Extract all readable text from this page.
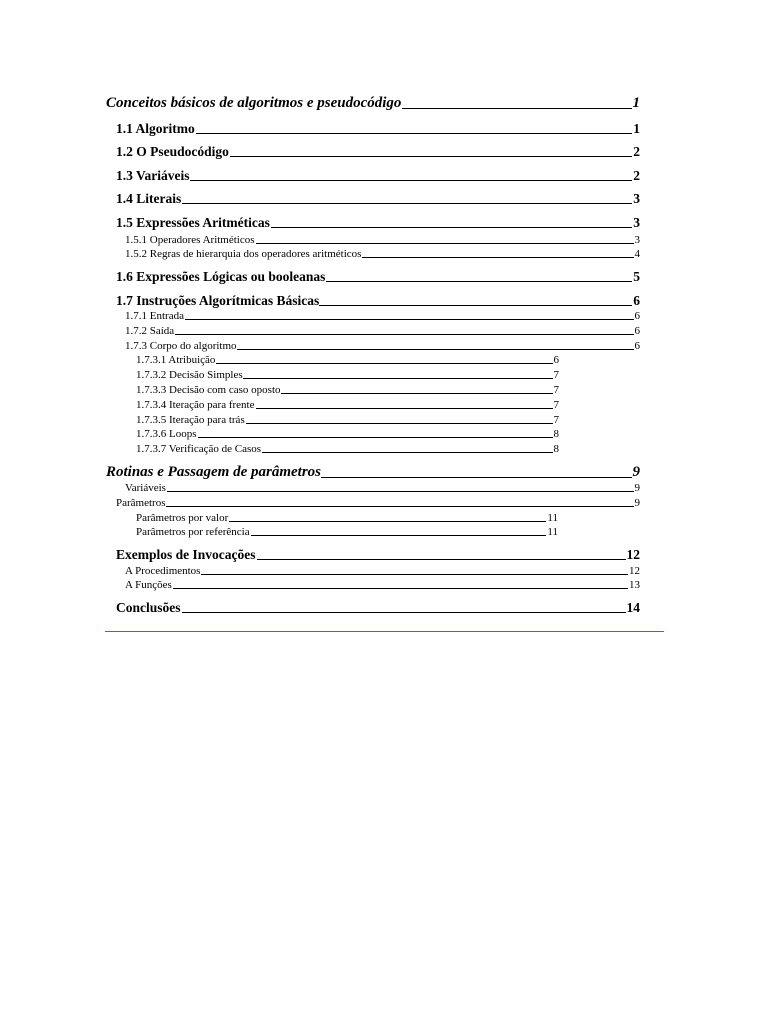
Conceitos básicos de algoritmos e pseudocódigo	1
1.1 Algoritmo	1
1.2 O Pseudocódigo	2
1.3 Variáveis	2
1.4 Literais	3
1.5 Expressões Aritméticas	3
1.5.1 Operadores Aritméticos	3
1.5.2 Regras de hierarquia dos operadores aritméticos	4
1.6 Expressões Lógicas ou booleanas	5
1.7 Instruções Algorítmicas Básicas	6
1.7.1 Entrada	6
1.7.2 Saída	6
1.7.3 Corpo do algoritmo	6
1.7.3.1 Atribuição	6
1.7.3.2 Decisão Simples	7
1.7.3.3 Decisão com caso oposto	7
1.7.3.4 Iteração para frente	7
1.7.3.5 Iteração para trás	7
1.7.3.6 Loops	8
1.7.3.7 Verificação de Casos	8
Rotinas e Passagem de parâmetros	9
Variáveis	9
Parâmetros	9
Parâmetros por valor	11
Parâmetros por referência	11
Exemplos de Invocações	12
A Procedimentos	12
A Funções	13
Conclusões	14
